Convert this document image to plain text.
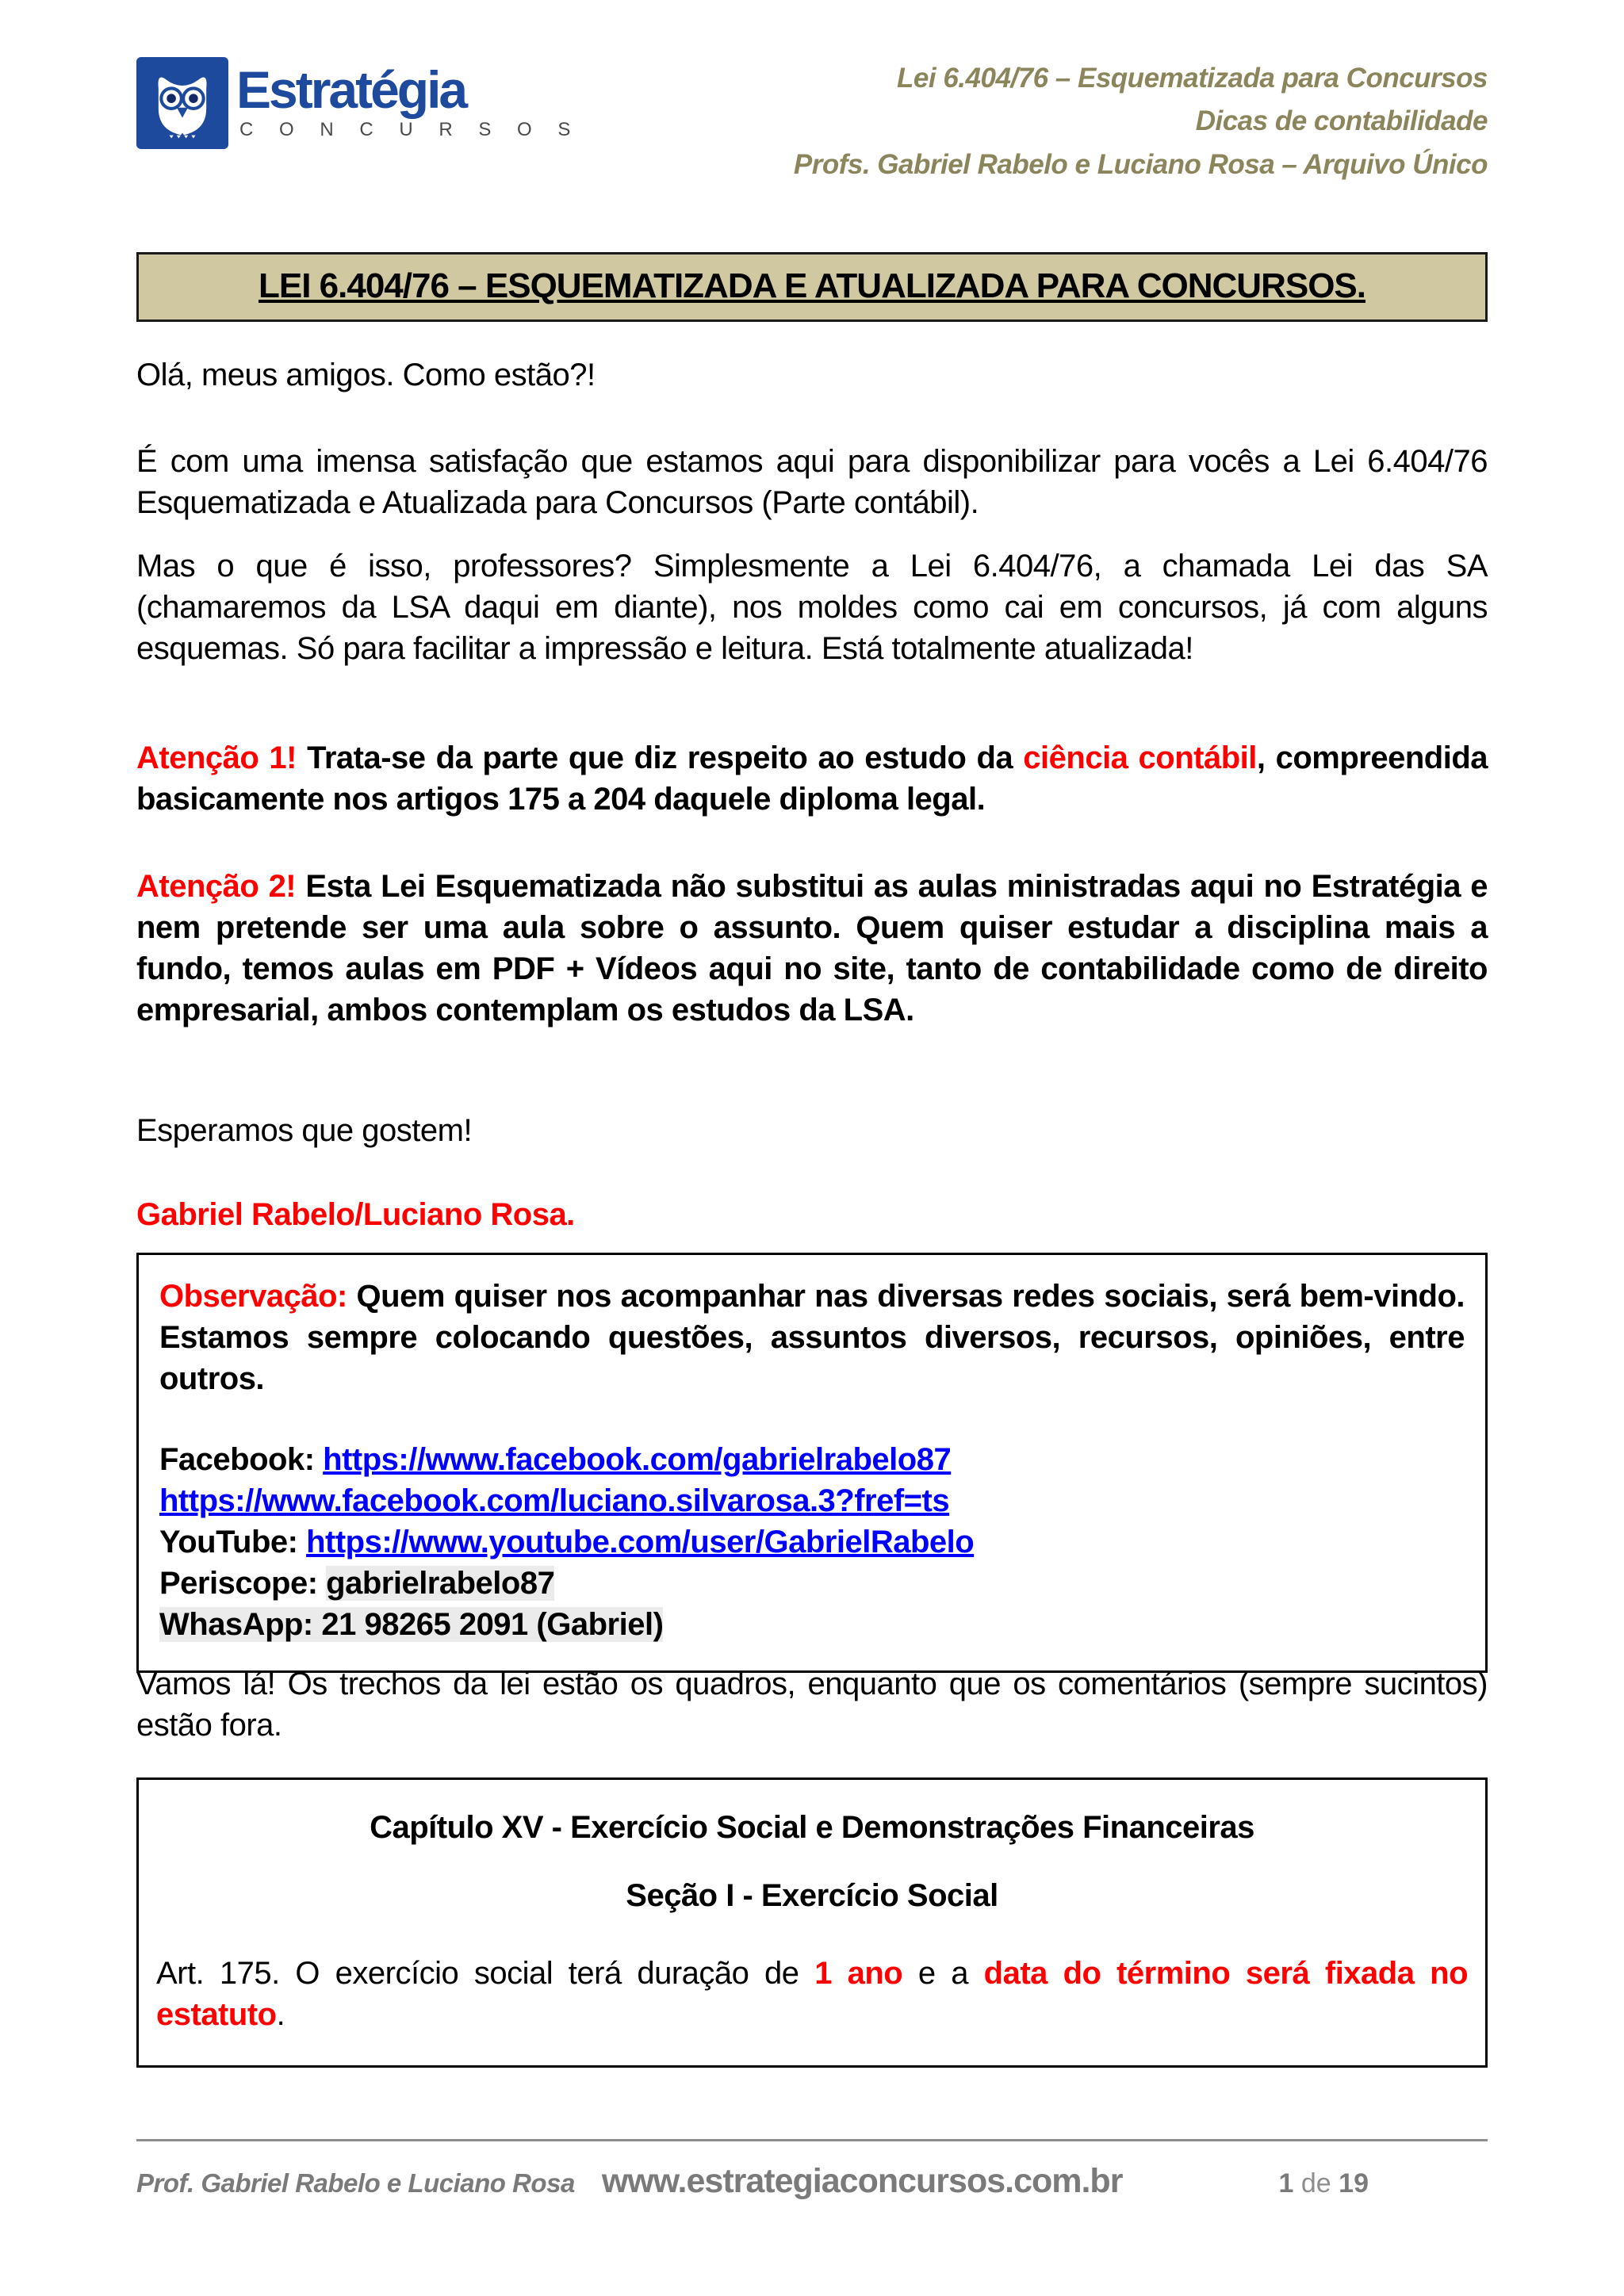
Estratégia
C O N C U R S O S
Lei 6.404/76 – Esquematizada para Concursos
Dicas de contabilidade
Profs. Gabriel Rabelo e Luciano Rosa – Arquivo Único
LEI 6.404/76 – ESQUEMATIZADA E ATUALIZADA PARA CONCURSOS.

Olá, meus amigos. Como estão?!

É com uma imensa satisfação que estamos aqui para disponibilizar para vocês a Lei 6.404/76 Esquematizada e Atualizada para Concursos (Parte contábil).

Mas o que é isso, professores? Simplesmente a Lei 6.404/76, a chamada Lei das SA (chamaremos da LSA daqui em diante), nos moldes como cai em concursos, já com alguns esquemas. Só para facilitar a impressão e leitura. Está totalmente atualizada!

Atenção 1! Trata-se da parte que diz respeito ao estudo da ciência contábil, compreendida basicamente nos artigos 175 a 204 daquele diploma legal.

Atenção 2! Esta Lei Esquematizada não substitui as aulas ministradas aqui no Estratégia e nem pretende ser uma aula sobre o assunto. Quem quiser estudar a disciplina mais a fundo, temos aulas em PDF + Vídeos aqui no site, tanto de contabilidade como de direito empresarial, ambos contemplam os estudos da LSA.

Esperamos que gostem!

Gabriel Rabelo/Luciano Rosa.

Observação: Quem quiser nos acompanhar nas diversas redes sociais, será bem-vindo. Estamos sempre colocando questões, assuntos diversos, recursos, opiniões, entre outros.

Facebook: https://www.facebook.com/gabrielrabelo87
https://www.facebook.com/luciano.silvarosa.3?fref=ts
YouTube: https://www.youtube.com/user/GabrielRabelo
Periscope: gabrielrabelo87
WhasApp: 21 98265 2091 (Gabriel)

Vamos lá! Os trechos da lei estão os quadros, enquanto que os comentários (sempre sucintos) estão fora.

Capítulo XV - Exercício Social e Demonstrações Financeiras
Seção I - Exercício Social

Art. 175. O exercício social terá duração de 1 ano e a data do término será fixada no estatuto.

Prof. Gabriel Rabelo e Luciano Rosa www.estrategiaconcursos.com.br	1 de 19
